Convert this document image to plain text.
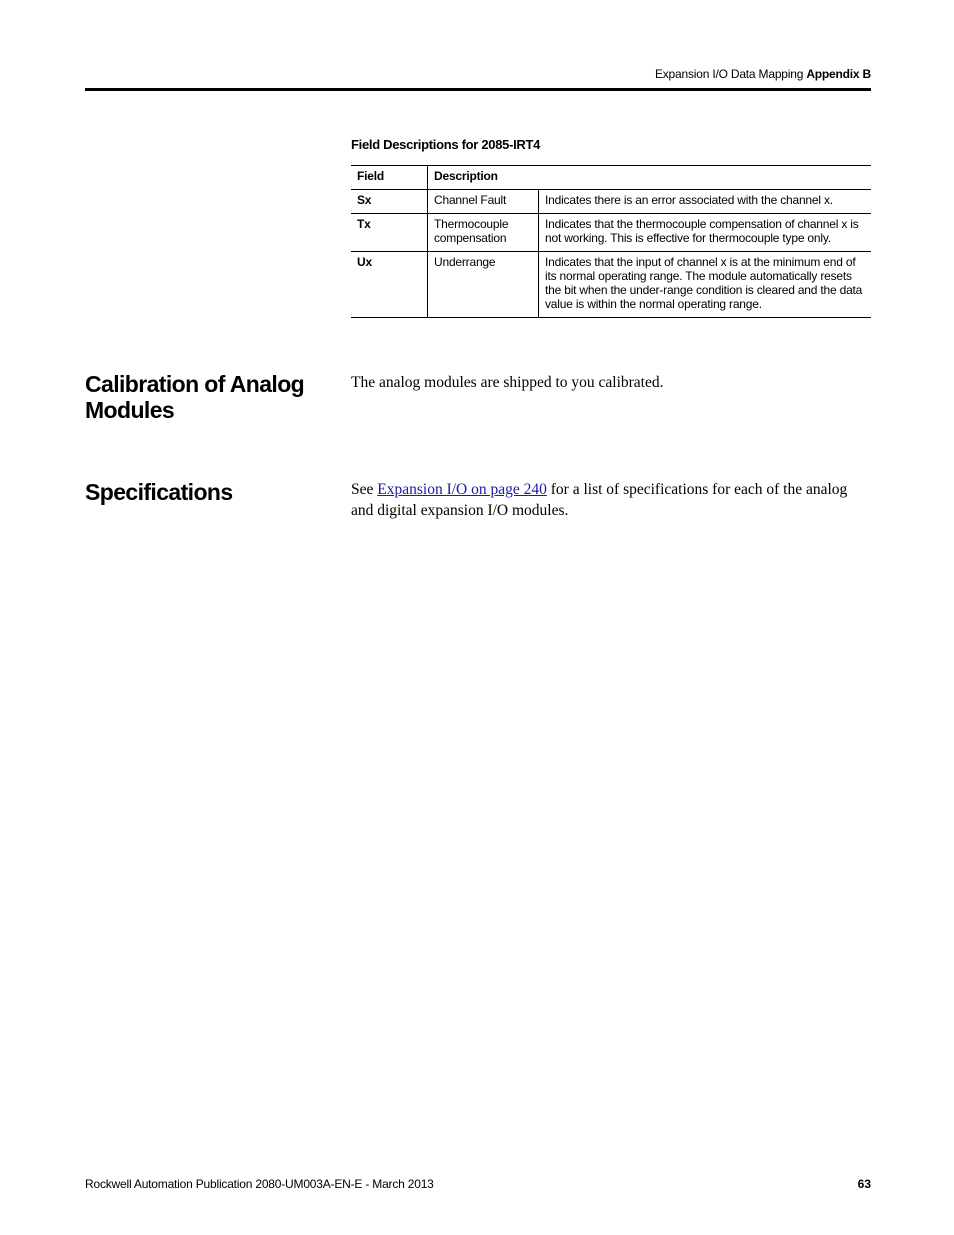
Expansion I/O Data Mapping Appendix B
Field Descriptions for 2085-IRT4
Field	Description	
Sx	Channel Fault	Indicates there is an error associated with the channel x.
Tx	Thermocouple compensation	Indicates that the thermocouple compensation of channel x is not working. This is effective for thermocouple type only.
Ux	Underrange	Indicates that the input of channel x is at the minimum end of its normal operating range. The module automatically resets the bit when the under-range condition is cleared and the data value is within the normal operating range.
Calibration of Analog Modules
The analog modules are shipped to you calibrated.
Specifications	See Expansion I/O on page 240 for a list of specifications for each of the analog and digital expansion I/O modules.
Rockwell Automation Publication 2080-UM003A-EN-E - March 2013	63
